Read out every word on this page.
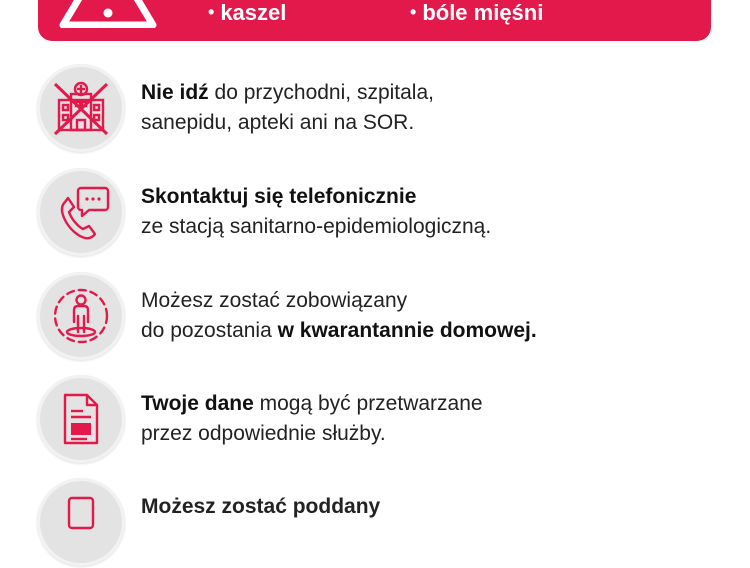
• kaszel	• bóle mięśni
Nie idź do przychodni, szpitala,
sanepidu, apteki ani na SOR.
Skontaktuj się telefonicznie
ze stacją sanitarno-epidemiologiczną.
Możesz zostać zobowiązany
do pozostania w kwarantannie domowej.
Twoje dane mogą być przetwarzane
przez odpowiednie służby.
Możesz zostać poddany
